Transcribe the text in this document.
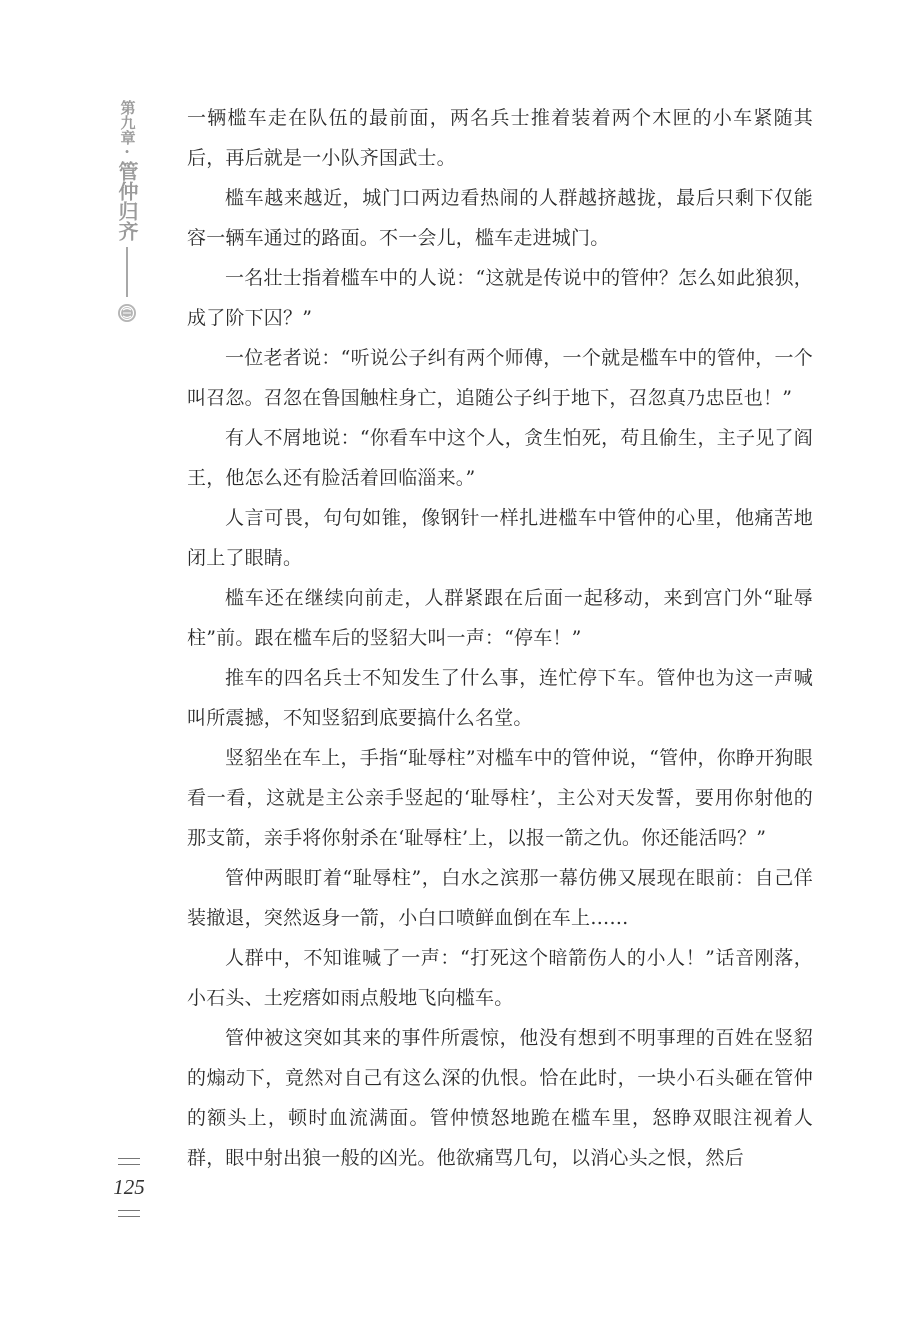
第九章
·
管仲归齐

一辆槛车走在队伍的最前面，两名兵士推着装着两个木匣的小车紧随其后，再后就是一小队齐国武士。

槛车越来越近，城门口两边看热闹的人群越挤越拢，最后只剩下仅能容一辆车通过的路面。不一会儿，槛车走进城门。

一名壮士指着槛车中的人说：“这就是传说中的管仲？怎么如此狼狈，成了阶下囚？”

一位老者说：“听说公子纠有两个师傅，一个就是槛车中的管仲，一个叫召忽。召忽在鲁国触柱身亡，追随公子纠于地下，召忽真乃忠臣也！”

有人不屑地说：“你看车中这个人，贪生怕死，苟且偷生，主子见了阎王，他怎么还有脸活着回临淄来。”

人言可畏，句句如锥，像钢针一样扎进槛车中管仲的心里，他痛苦地闭上了眼睛。

槛车还在继续向前走，人群紧跟在后面一起移动，来到宫门外“耻辱柱”前。跟在槛车后的竖貂大叫一声：“停车！”

推车的四名兵士不知发生了什么事，连忙停下车。管仲也为这一声喊叫所震撼，不知竖貂到底要搞什么名堂。

竖貂坐在车上，手指“耻辱柱”对槛车中的管仲说，“管仲，你睁开狗眼看一看，这就是主公亲手竖起的‘耻辱柱’，主公对天发誓，要用你射他的那支箭，亲手将你射杀在‘耻辱柱’上，以报一箭之仇。你还能活吗？”

管仲两眼盯着“耻辱柱”，白水之滨那一幕仿佛又展现在眼前：自己佯装撤退，突然返身一箭，小白口喷鲜血倒在车上……

人群中，不知谁喊了一声：“打死这个暗箭伤人的小人！”话音刚落，小石头、土疙瘩如雨点般地飞向槛车。

管仲被这突如其来的事件所震惊，他没有想到不明事理的百姓在竖貂的煽动下，竟然对自己有这么深的仇恨。恰在此时，一块小石头砸在管仲的额头上，顿时血流满面。管仲愤怒地跪在槛车里，怒睁双眼注视着人群，眼中射出狼一般的凶光。他欲痛骂几句，以消心头之恨，然后

125
